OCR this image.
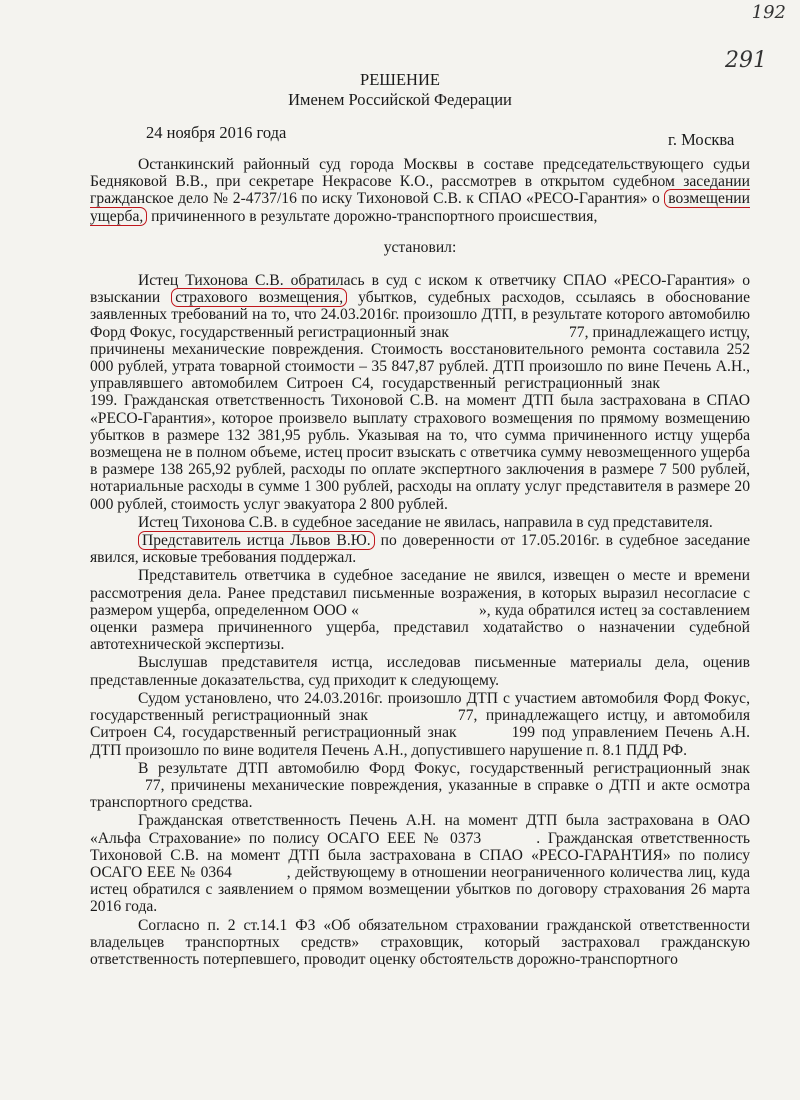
192
291
РЕШЕНИЕ
Именем Российской Федерации
24 ноября 2016 года	г. Москва

Останкинский районный суд города Москвы в составе председательствующего судьи Бедняковой В.В., при секретаре Некрасове К.О., рассмотрев в открытом судебном заседании гражданское дело № 2-4737/16 по иску Тихоновой С.В. к СПАО «РЕСО-Гарантия» о возмещении ущерба, причиненного в результате дорожно-транспортного происшествия,

установил:

Истец Тихонова С.В. обратилась в суд с иском к ответчику СПАО «РЕСО-Гарантия» о взыскании страхового возмещения, убытков, судебных расходов, ссылаясь в обоснование заявленных требований на то, что 24.03.2016г. произошло ДТП, в результате которого автомобилю Форд Фокус, государственный регистрационный знак	77, принадлежащего истцу, причинены механические повреждения. Стоимость восстановительного ремонта составила 252 000 рублей, утрата товарной стоимости – 35 847,87 рублей. ДТП произошло по вине Печень А.Н., управлявшего автомобилем Ситроен С4, государственный регистрационный знак199. Гражданская ответственность Тихоновой С.В. на момент ДТП была застрахована в СПАО «РЕСО-Гарантия», которое произвело выплату страхового возмещения по прямому возмещению убытков в размере 132 381,95 рубль. Указывая на то, что сумма причиненного истцу ущерба возмещена не в полном объеме, истец просит взыскать с ответчика сумму невозмещенного ущерба в размере 138 265,92 рублей, расходы по оплате экспертного заключения в размере 7 500 рублей, нотариальные расходы в сумме 1 300 рублей, расходы на оплату услуг представителя в размере 20 000 рублей, стоимость услуг эвакуатора 2 800 рублей.

Истец Тихонова С.В. в судебное заседание не явилась, направила в суд представителя.

Представитель истца Львов В.Ю. по доверенности от 17.05.2016г. в судебное заседание явился, исковые требования поддержал.

Представитель ответчика в судебное заседание не явился, извещен о месте и времени рассмотрения дела. Ранее представил письменные возражения, в которых выразил несогласие с размером ущерба, определенном ООО «	», куда обратился истец за составлением оценки размера причиненного ущерба, представил ходатайство о назначении судебной автотехнической экспертизы.

Выслушав представителя истца, исследовав письменные материалы дела, оценив представленные доказательства, суд приходит к следующему.

Судом установлено, что 24.03.2016г. произошло ДТП с участием автомобиля Форд Фокус, государственный регистрационный знак	77, принадлежащего истцу, и автомобиля Ситроен С4, государственный регистрационный знак	199 под управлением Печень А.Н. ДТП произошло по вине водителя Печень А.Н., допустившего нарушение п. 8.1 ПДД РФ.

В результате ДТП автомобилю Форд Фокус, государственный регистрационный знак77, причинены механические повреждения, указанные в справке о ДТП и акте осмотра транспортного средства.

Гражданская ответственность Печень А.Н. на момент ДТП была застрахована в ОАО «Альфа Страхование» по полису ОСАГО ЕЕЕ № 0373	. Гражданская ответственность Тихоновой С.В. на момент ДТП была застрахована в СПАО «РЕСО-ГАРАНТИЯ» по полису ОСАГО ЕЕЕ № 0364	, действующему в отношении неограниченного количества лиц, куда истец обратился с заявлением о прямом возмещении убытков по договору страхования 26 марта 2016 года.

Согласно п. 2 ст.14.1 ФЗ «Об обязательном страховании гражданской ответственности владельцев транспортных средств» страховщик, который застраховал гражданскую ответственность потерпевшего, проводит оценку обстоятельств дорожно-транспортного
